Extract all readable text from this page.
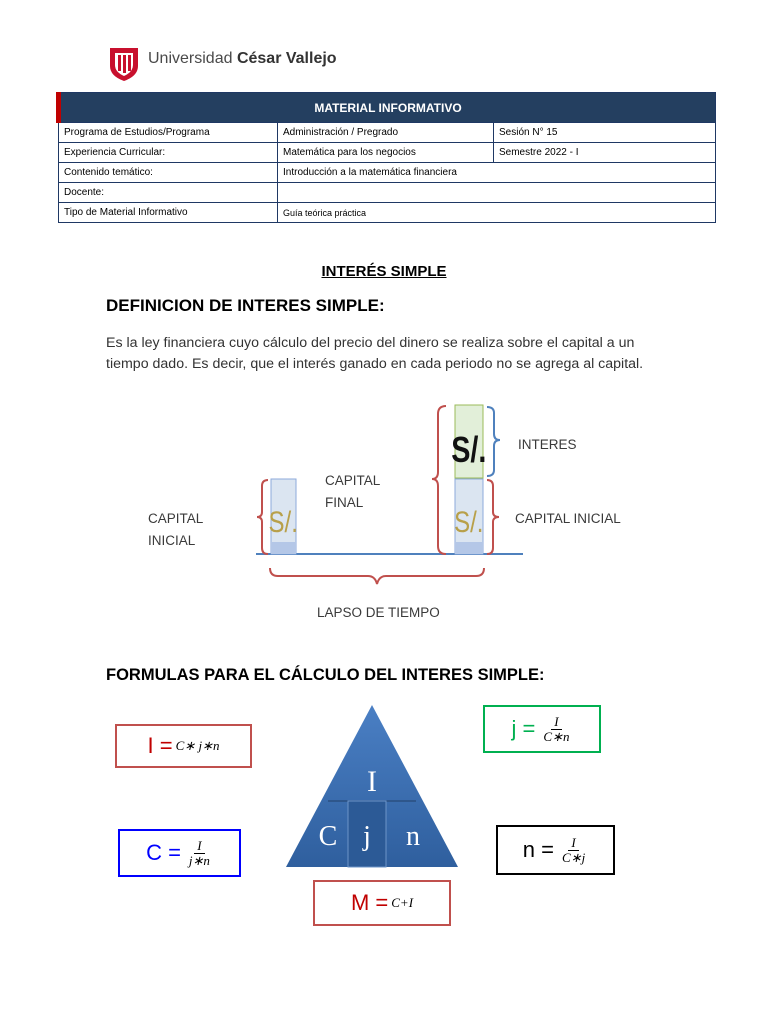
Universidad César Vallejo
MATERIAL INFORMATIVO		
Programa de Estudios/Programa	Administración / Pregrado	Sesión N° 15
Experiencia Curricular:	Matemática para los negocios	Semestre 2022 - I
Contenido temático:	Introducción a la matemática financiera	
Docente:		
Tipo de Material Informativo	Guía teórica práctica	
INTERÉS SIMPLE
DEFINICION DE INTERES SIMPLE:
Es la ley financiera cuyo cálculo del precio del dinero se realiza sobre el capital a un tiempo dado. Es decir, que el interés ganado en cada periodo no se agrega al capital.
S/.	S/.
S/.
CAPITAL
INICIAL
CAPITAL
FINAL
INTERES
CAPITAL INICIAL
LAPSO DE TIEMPO
FORMULAS PARA EL CÁLCULO DEL INTERES SIMPLE:
I = C∗ j∗n
$j = \frac{I}{C∗n}$
$C = \frac{I}{j∗n}$	$n = \frac{I}{C∗j}$
M = C+I
I
C j n
